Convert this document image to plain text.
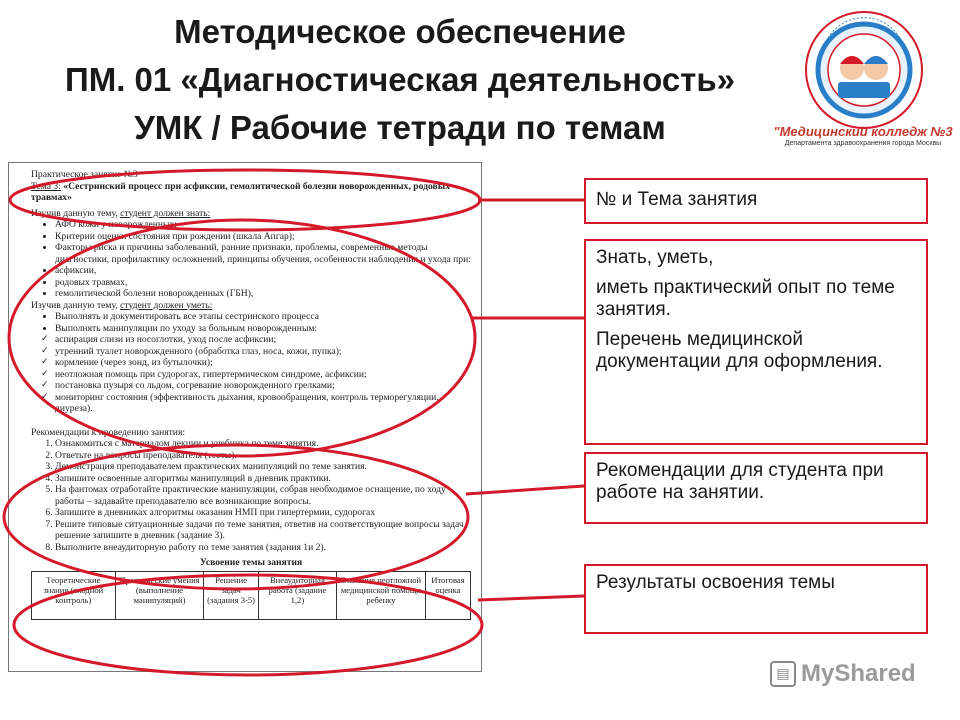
Методическое обеспечение
ПМ. 01 «Диагностическая деятельность»
УМК / Рабочие тетради по темам	"Медицинский колледж №3
Департамента здравоохранения города Москвы

Практическое занятие №3

Тема 3: «Сестринский процесс при асфиксии, гемолитической болезни новорожденных, родовых травмах»

Изучив данную тему, студент должен знать:

• АФО кожи у новорожденных;
• Критерии оценки состояния при рождении (шкала Апгар);
• Факторы риска и причины заболеваний, ранние признаки, проблемы, современные методы диагностики, профилактику осложнений, принципы обучения, особенности наблюдения и ухода при:
• асфиксии,
• родовых травмах,
• гемолитической болезни новорожденных (ГБН),

Изучив данную тему, студент должен уметь:

• Выполнять и документировать все этапы сестринского процесса
• Выполнять манипуляции по уходу за больным новорожденным:
✓ аспирация слизи из носоглотки, уход после асфиксии;
✓ утренний туалет новорожденного (обработка глаз, носа, кожи, пупка);
✓ кормление (через зонд, из бутылочки);
✓ неотложная помощь при судорогах, гипертермическом синдроме, асфиксии;
✓ постановка пузыря со льдом, согревание новорожденного грелками;
✓ мониторинг состояния (эффективность дыхания, кровообращения, контроль терморегуляции, диуреза).

Рекомендации к проведению занятия:

1. Ознакомиться с материалом лекции и учебника по теме занятия.
2. Ответьте на вопросы преподавателя (тесты).
3. Демонстрация преподавателем практических манипуляций по теме занятия.
4. Запишите освоенные алгоритмы манипуляций в дневник практики.
5. На фантомах отработайте практические манипуляции, собрав необходимое оснащение, по ходу работы – задавайте преподавателю все возникающие вопросы.
6. Запишите в дневниках алгоритмы оказания НМП при гипертермии, судорогах
7. Решите типовые ситуационные задачи по теме занятия, ответив на соответствующие вопросы задач, решение запишите в дневник (задание 3).
8. Выполните внеаудиторную работу по теме занятия (задания 1и 2).

Усвоение темы занятия

Теоретические знания (входной контроль)	Практические умения (выполнение манипуляций)	Решение задач (задания 3-5)	Внеаудиторная работа (задание 1,2)	Оказание неотложной медицинской помощи ребенку	Итоговая оценка

№ и Тема занятия

Знать, уметь,

иметь практический опыт по теме занятия.

Перечень медицинской документации для оформления.

Рекомендации для студента при работе на занятии.

Результаты освоения темы

▤ MyShared
